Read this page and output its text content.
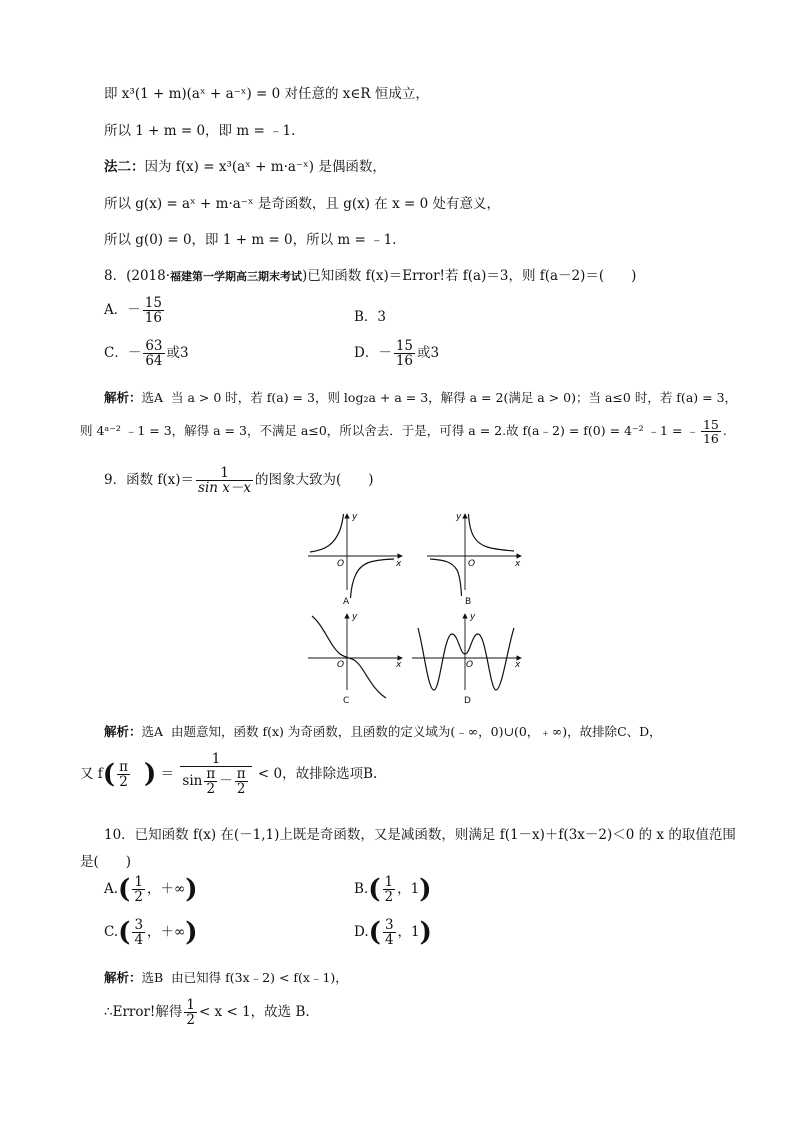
即 x³(1 + m)(aˣ + a⁻ˣ) = 0 对任意的 x∈R 恒成立，
所以 1 + m = 0，即 m = ﹣1.
法二：因为 f(x) = x³(aˣ + m·a⁻ˣ) 是偶函数，
所以 g(x) = aˣ + m·a⁻ˣ 是奇函数，且 g(x) 在 x = 0 处有意义，
所以 g(0) = 0，即 1 + m = 0，所以 m = ﹣1.
8．(2018·福建第一学期高三期末考试)已知函数 f(x)＝Error!若 f(a)＝3，则 f(a－2)＝(　　)
A．－ $\frac{15}{16}$	B．3
C．－ $\frac{63}{64}$ 或3	D．－ $\frac{15}{16}$ 或3
解析：选A 当 a > 0 时，若 f(a) = 3，则 log₂a + a = 3，解得 a = 2(满足 a > 0)；当 a≤0 时，若 f(a) = 3，
则 4ᵃ⁻² ﹣1 = 3，解得 a = 3，不满足 a≤0，所以舍去．于是，可得 a = 2.故 f(a﹣2) = f(0) = 4⁻² ﹣1 = ﹣ $\frac{15}{16}$ .
9．函数 $f(x)= \frac{1}{\text{sin x－x}}$ 的图象大致为(　　)
y
x
O
A
y
x
O
B
y
x
O
C
y
x
O
D
解析：选A 由题意知，函数 f(x) 为奇函数，且函数的定义域为(﹣∞，0)∪(0，﹢∞)，故排除C、D，
又 $f( \frac{\pi}{2}$ ) ＝ $\frac{1}{\sin \frac{\pi}{2} - \frac{\pi}{2}} < 0$，故排除选项B.
10．已知函数 f(x) 在(－1,1)上既是奇函数，又是减函数，则满足 f(1－x)＋f(3x－2)＜0 的 x 的取值范围
是(　　)
$A.( \frac{1}{2}$ ，＋∞)	$B.( \frac{1}{2}$ ，1)
$C.( \frac{3}{4}$ ，＋∞)	$D.( \frac{3}{4}$ ，1)
解析：选B 由已知得 f(3x﹣2) < f(x﹣1)，
∴Error!解得 $\frac{1}{2} < x < 1$，故选 B.
